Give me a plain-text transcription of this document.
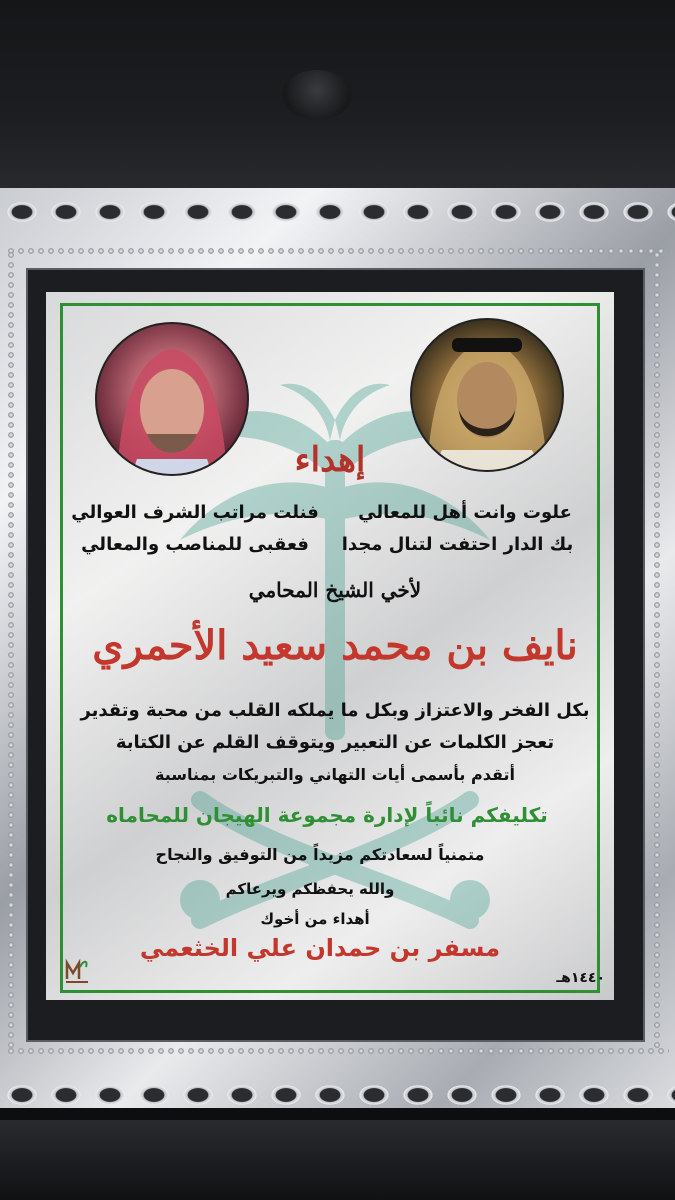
إهداء
علوت وانت أهل للمعالي
فنلت مراتب الشرف العوالي
بك الدار احتفت لتنال مجدا
فعقبى للمناصب والمعالي
لأخي الشيخ المحامي
نايف بن محمد سعيد الأحمري
بكل الفخر والاعتزاز وبكل ما يملكه القلب من محبة وتقدير
تعجز الكلمات عن التعبير ويتوقف القلم عن الكتابة
أتقدم بأسمى أيات التهاني والتبريكات بمناسبة
تكليفكم نائباً لإدارة مجموعة الهيجان للمحاماه
متمنياً لسعادتكم مزيداً من التوفيق والنجاح
والله يحفظكم ويرعاكم
أهداء من أخوك
مسفر بن حمدان علي الخثعمي
١٤٤٠هـ
